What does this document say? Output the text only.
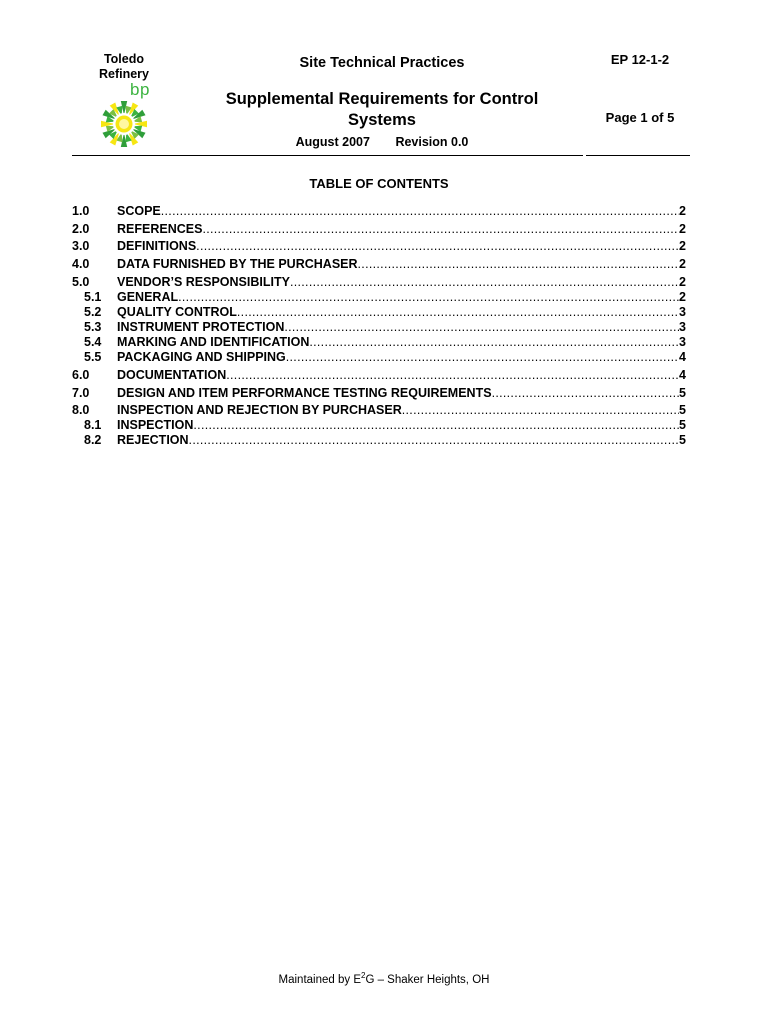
Toledo
Refinery
bp
Site Technical Practices
Supplemental Requirements for Control Systems
August 2007 Revision 0.0
EP 12-1-2
Page 1 of 5
TABLE OF CONTENTS
1.0	SCOPE .....	2
2.0	REFERENCES .....	2
3.0	DEFINITIONS .....	2
4.0	DATA FURNISHED BY THE PURCHASER .....	2
5.0	VENDOR’S RESPONSIBILITY .....	2
5.1	GENERAL .....	2
5.2	QUALITY CONTROL .....	3
5.3	INSTRUMENT PROTECTION .....	3
5.4	MARKING AND IDENTIFICATION .....	3
5.5	PACKAGING AND SHIPPING .....	4
6.0	DOCUMENTATION .....	4
7.0	DESIGN AND ITEM PERFORMANCE TESTING REQUIREMENTS .....	5
8.0	INSPECTION AND REJECTION BY PURCHASER .....	5
8.1	INSPECTION .....	5
8.2	REJECTION .....	5
Maintained by $E^2G$ – Shaker Heights, OH
